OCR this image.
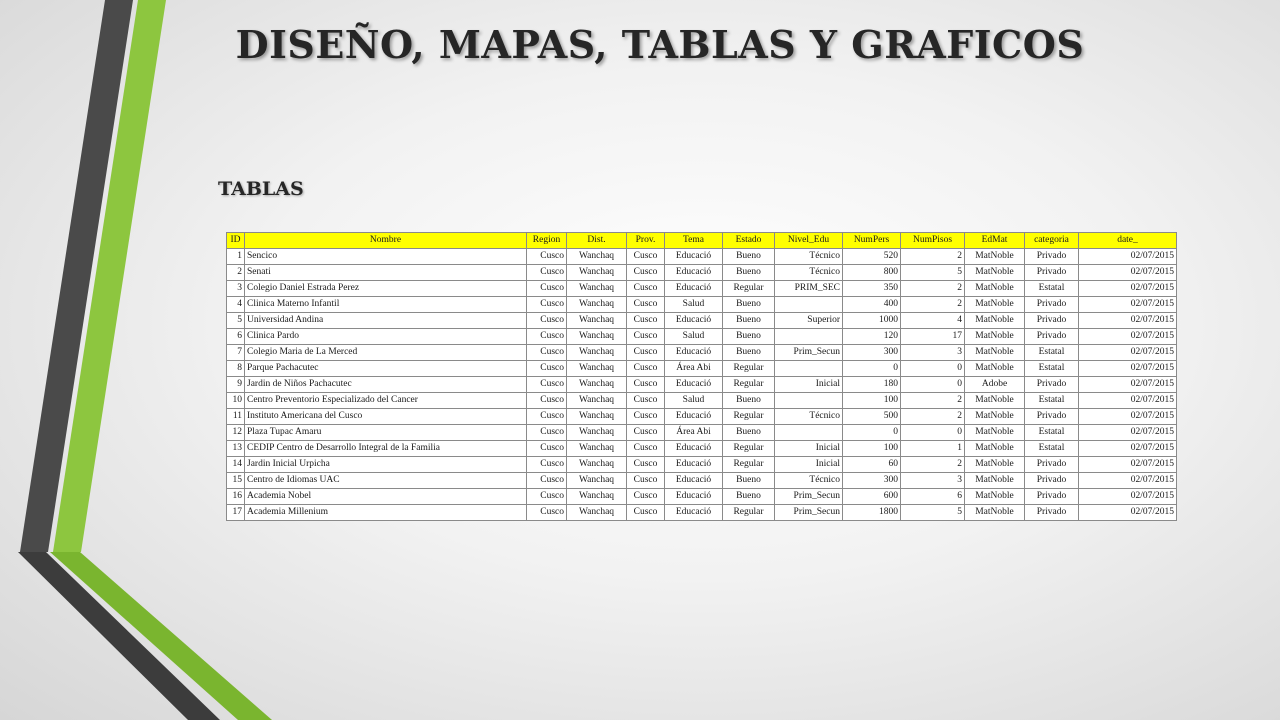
DISEÑO, MAPAS, TABLAS Y GRAFICOS
TABLAS
ID	Nombre	Region	Dist.	Prov.	Tema	Estado	Nivel_Edu	NumPers	NumPisos	EdMat	categoria	date_
1	Sencico	Cusco	Wanchaq	Cusco	Educació	Bueno	Técnico	520	2	MatNoble	Privado	02/07/2015
2	Senati	Cusco	Wanchaq	Cusco	Educació	Bueno	Técnico	800	5	MatNoble	Privado	02/07/2015
3	Colegio Daniel Estrada Perez	Cusco	Wanchaq	Cusco	Educació	Regular	PRIM_SEC	350	2	MatNoble	Estatal	02/07/2015
4	Clinica Materno Infantil	Cusco	Wanchaq	Cusco	Salud	Bueno		400	2	MatNoble	Privado	02/07/2015
5	Universidad Andina	Cusco	Wanchaq	Cusco	Educació	Bueno	Superior	1000	4	MatNoble	Privado	02/07/2015
6	Clinica Pardo	Cusco	Wanchaq	Cusco	Salud	Bueno		120	17	MatNoble	Privado	02/07/2015
7	Colegio Maria de La Merced	Cusco	Wanchaq	Cusco	Educació	Bueno	Prim_Secun	300	3	MatNoble	Estatal	02/07/2015
8	Parque Pachacutec	Cusco	Wanchaq	Cusco	Área Abi	Regular		0	0	MatNoble	Estatal	02/07/2015
9	Jardin de Niños Pachacutec	Cusco	Wanchaq	Cusco	Educació	Regular	Inicial	180	0	Adobe	Privado	02/07/2015
10	Centro Preventorio Especializado del Cancer	Cusco	Wanchaq	Cusco	Salud	Bueno		100	2	MatNoble	Estatal	02/07/2015
11	Instituto Americana del Cusco	Cusco	Wanchaq	Cusco	Educació	Regular	Técnico	500	2	MatNoble	Privado	02/07/2015
12	Plaza Tupac Amaru	Cusco	Wanchaq	Cusco	Área Abi	Bueno		0	0	MatNoble	Estatal	02/07/2015
13	CEDIP Centro de Desarrollo Integral de la Familia	Cusco	Wanchaq	Cusco	Educació	Regular	Inicial	100	1	MatNoble	Estatal	02/07/2015
14	Jardin Inicial Urpicha	Cusco	Wanchaq	Cusco	Educació	Regular	Inicial	60	2	MatNoble	Privado	02/07/2015
15	Centro de Idiomas UAC	Cusco	Wanchaq	Cusco	Educació	Bueno	Técnico	300	3	MatNoble	Privado	02/07/2015
16	Academia Nobel	Cusco	Wanchaq	Cusco	Educació	Bueno	Prim_Secun	600	6	MatNoble	Privado	02/07/2015
17	Academia Millenium	Cusco	Wanchaq	Cusco	Educació	Regular	Prim_Secun	1800	5	MatNoble	Privado	02/07/2015
